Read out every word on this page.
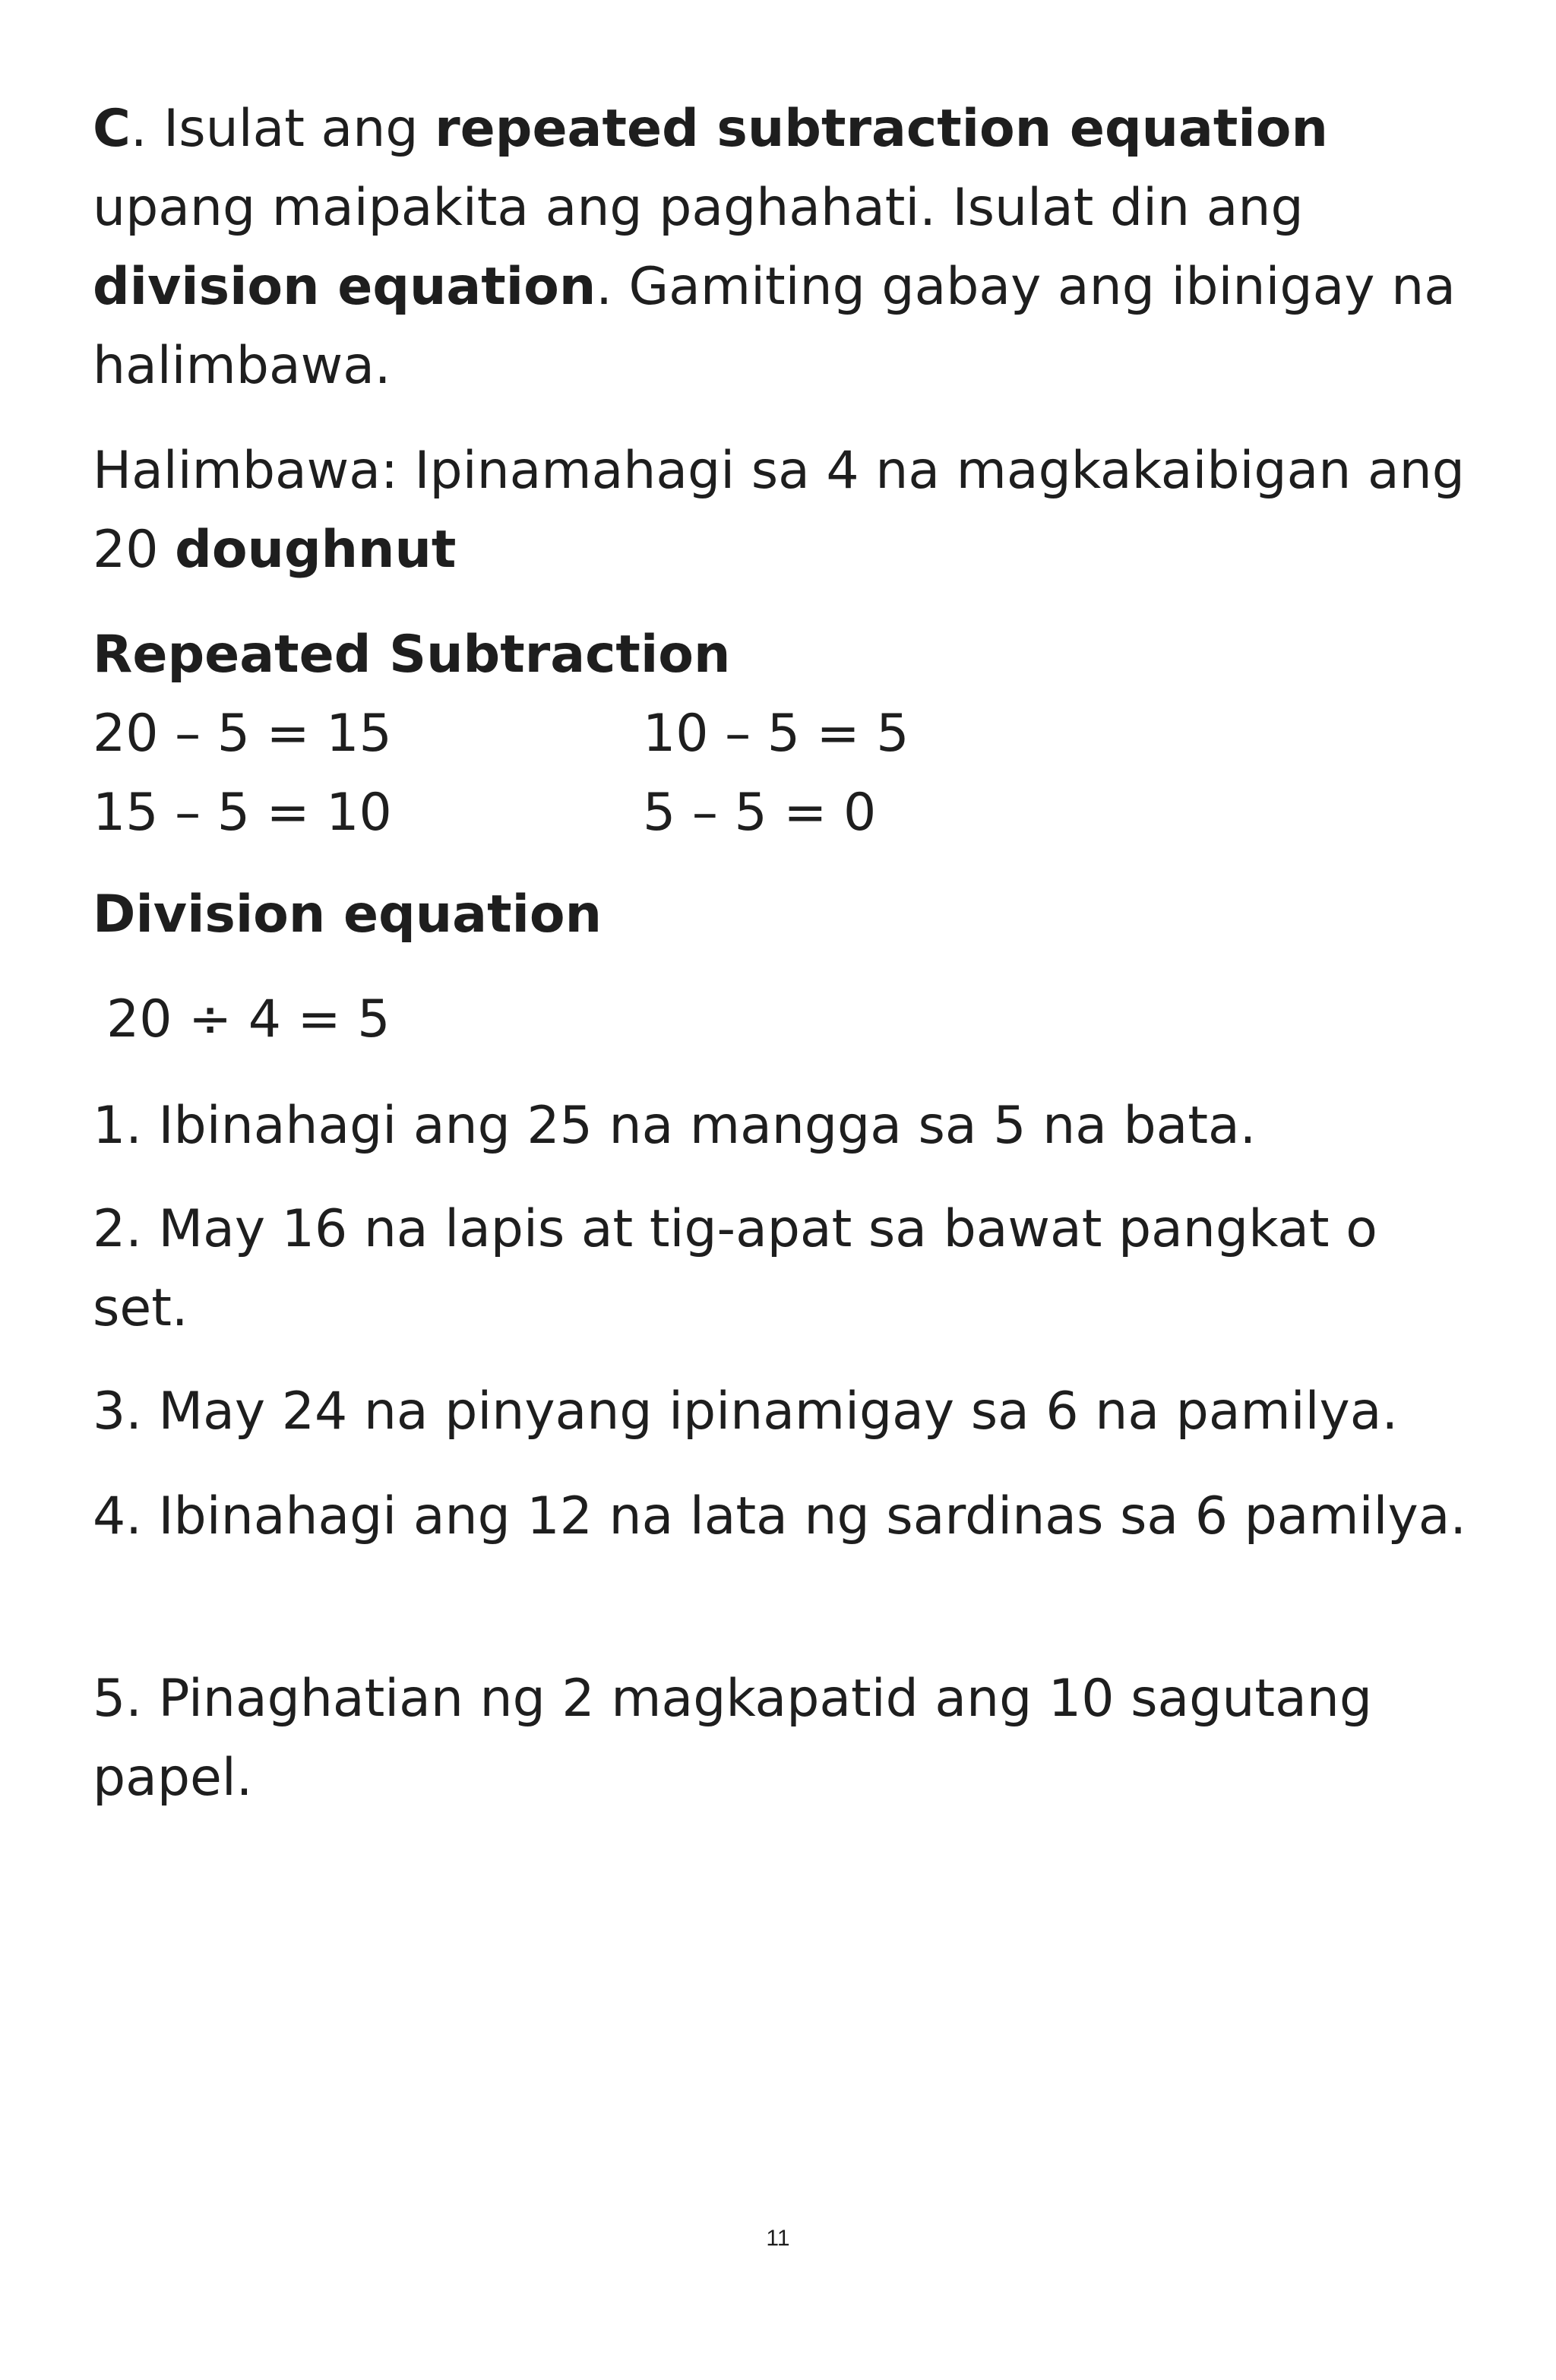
C. Isulat ang repeated subtraction equation upang maipakita ang paghahati. Isulat din ang division equation. Gamiting gabay ang ibinigay na halimbawa.

Halimbawa: Ipinamahagi sa 4 na magkakaibigan ang 20 doughnut

Repeated Subtraction

20 – 5 = 15

15 – 5 = 10

10 – 5 = 5

5 – 5 = 0

Division equation

20 ÷ 4 = 5

1. Ibinahagi ang 25 na mangga sa 5 na bata.

2. May 16 na lapis at tig-apat sa bawat pangkat o set.

3. May 24 na pinyang ipinamigay sa 6 na pamilya.

4. Ibinahagi ang 12 na lata ng sardinas sa 6 pamilya.

5. Pinaghatian ng 2 magkapatid ang 10 sagutang papel.

11
